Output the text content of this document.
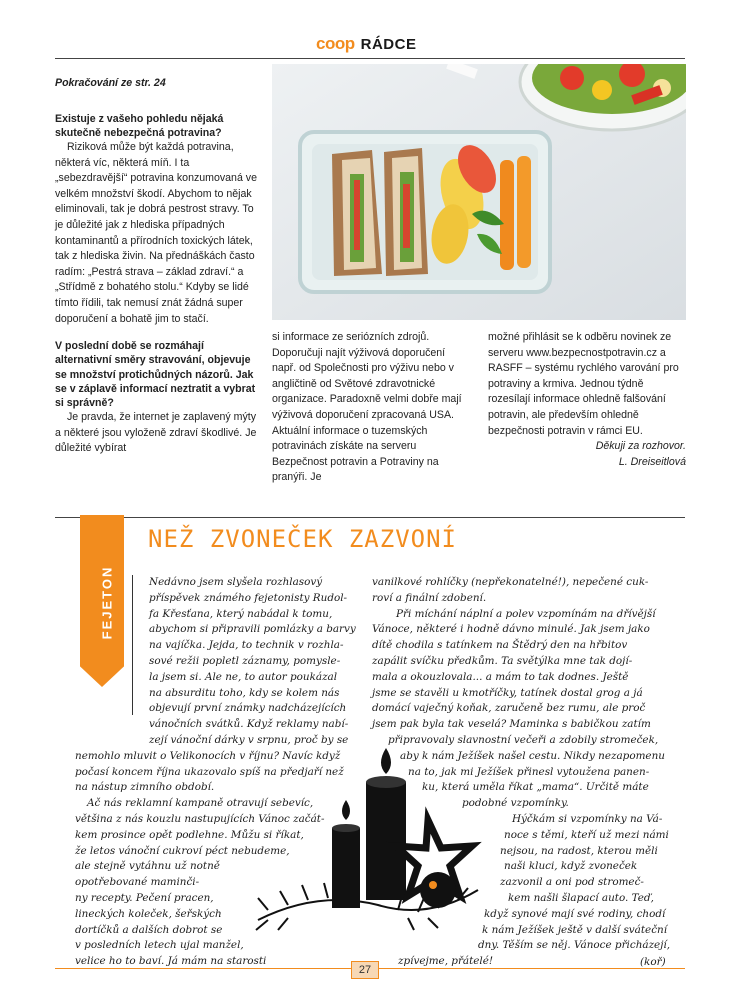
coop RÁDCE

Pokračování ze str. 24

Existuje z vašeho pohledu nějaká skutečně nebezpečná potravina?

Riziková může být každá potravina, některá víc, některá míň. I ta „sebezdravější“ potravina konzumovaná ve velkém množství škodí. Abychom to nějak eliminovali, tak je dobrá pestrost stravy. To je důležité jak z hlediska případných kontaminantů a přírodních toxických látek, tak z hlediska živin. Na přednáškách často radím: „Pestrá strava – základ zdraví.“ a „Střídmě z bohatého stolu.“ Kdyby se lidé tímto řídili, tak nemusí znát žádná super doporučení a bohatě jim to stačí.

V poslední době se rozmáhají alternativní směry stravování, objevuje se množství protichůdných názorů. Jak se v záplavě informací neztratit a vybrat si správně?

Je pravda, že internet je zaplavený mýty a některé jsou vyloženě zdraví škodlivé. Je důležité vybírat

si informace ze seriózních zdrojů. Doporučuji najít výživová doporučení např. od Společnosti pro výživu nebo v angličtině od Světové zdravotnické organizace. Paradoxně velmi dobře mají výživová doporučení zpracovaná USA. Aktuální informace o tuzemských potravinách získáte na serveru Bezpečnost potravin a Potraviny na pranýři. Je

možné přihlásit se k odběru novinek ze serveru www.bezpecnostpotravin.cz a RASFF – systému rychlého varování pro potraviny a krmiva. Jednou týdně rozesílají informace ohledně falšování potravin, ale především ohledně bezpečnosti potravin v rámci EU.

Děkuji za rozhovor.

L. Dreiseitlová

FEJETON
NEŽ ZVONEČEK ZAZVONÍ
Nedávno jsem slyšela rozhlasový
příspěvek známého fejetonisty Rudol-
fa Křesťana, který nabádal k tomu,
abychom si připravili pomlázky a barvy
na vajíčka. Jejda, to technik v rozhla-
sové režii popletl záznamy, pomysle-
la jsem si. Ale ne, to autor poukázal
na absurditu toho, kdy se kolem nás
objevují první známky nadcházejících
vánočních svátků. Když reklamy nabí-
zejí vánoční dárky v srpnu, proč by se
nemohlo mluvit o Velikonocích v říjnu? Navíc když
počasí koncem října ukazovalo spíš na předjaří než
na nástup zimního období.
Ač nás reklamní kampaně otravují sebevíc,
většina z nás kouzlu nastupujících Vánoc začát-
kem prosince opět podlehne. Můžu si říkat,
že letos vánoční cukroví péct nebudeme,
ale stejně vytáhnu už notně
opotřebované maminči-
ny recepty. Pečení pracen,
lineckých koleček, šeřských
dortíčků a dalších dobrot se
v posledních letech ujal manžel,
velice ho to baví. Já mám na starosti
vanilkové rohlíčky (nepřekonatelné!), nepečené cuk-
roví a finální zdobení.
Při míchání náplní a polev vzpomínám na dřívější
Vánoce, některé i hodně dávno minulé. Jak jsem jako
dítě chodila s tatínkem na Štědrý den na hřbitov
zapálit svíčku předkům. Ta světýlka mne tak dojí-
mala a okouzlovala... a mám to tak dodnes. Ještě
jsme se stavěli u kmotříčky, tatínek dostal grog a já
domácí vaječný koňak, zaručeně bez rumu, ale proč
jsem pak byla tak veselá? Maminka s babičkou zatím
připravovaly slavnostní večeři a zdobily stromeček,
aby k nám Ježíšek našel cestu. Nikdy nezapomenu
na to, jak mi Ježíšek přinesl vytoužena panen-
ku, která uměla říkat „mama“. Určitě máte
podobné vzpomínky.
Hýčkám si vzpomínky na Vá-
noce s těmi, kteří už mezi námi
nejsou, na radost, kterou měli
naši kluci, když zvoneček
zazvonil a oni pod stromeč-
kem našli šlapací auto. Teď,
když synové mají své rodiny, chodí
k nám Ježíšek ještě v další sváteční
dny. Těším se něj. Vánoce přicházejí,
zpívejme, přátelé!	(koř)
27
